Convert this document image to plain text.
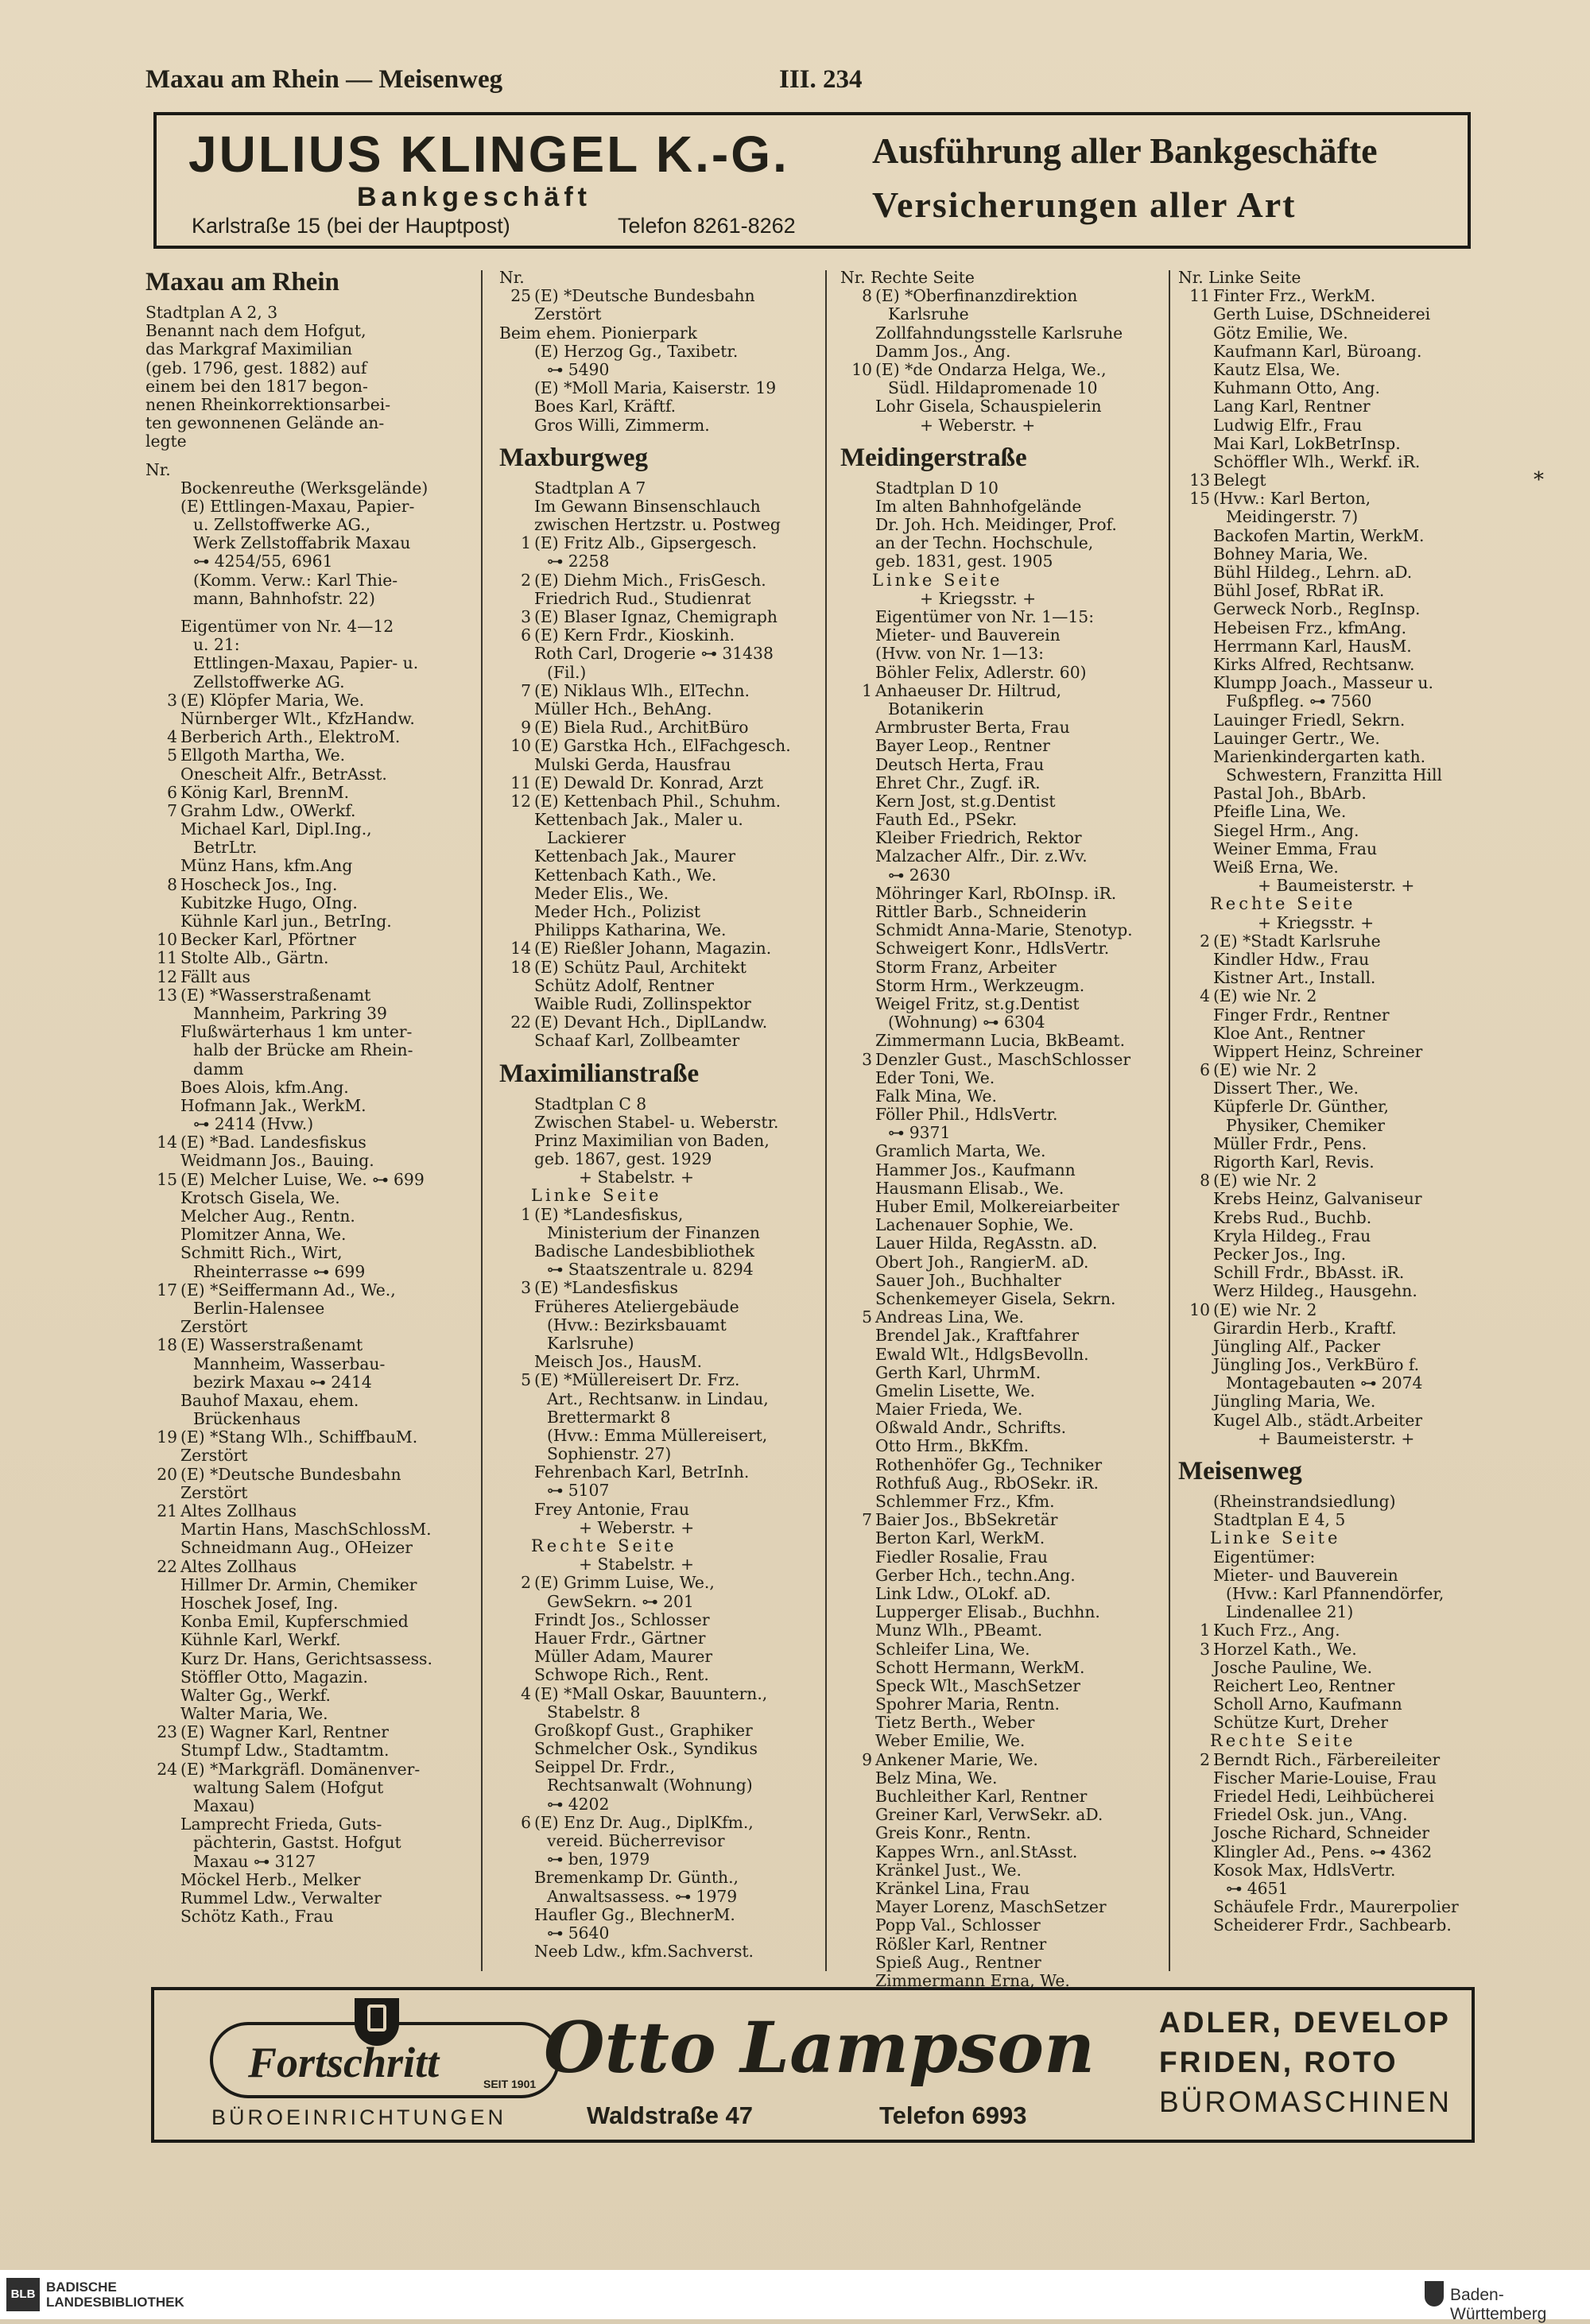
Maxau am Rhein — Meisenweg	III. 234
JULIUS KLINGEL K.-G.
Bankgeschäft
Karlstraße 15 (bei der Hauptpost)	Telefon 8261-8262
Ausführung aller Bankgeschäfte
Versicherungen aller Art
Maxau am Rhein
Stadtplan A 2, 3
Benannt nach dem Hofgut,
das Markgraf Maximilian
(geb. 1796, gest. 1882) auf
einem bei den 1817 begon-
nenen Rheinkorrektionsarbei-
ten gewonnenen Gelände an-
legte
Nr.
Bockenreuthe (Werksgelände)
(E) Ettlingen-Maxau, Papier-
u. Zellstoffwerke AG.,
Werk Zellstoffabrik Maxau
⊶ 4254/55, 6961
(Komm. Verw.: Karl Thie-
mann, Bahnhofstr. 22)
Eigentümer von Nr. 4—12
u. 21:
Ettlingen-Maxau, Papier- u.
Zellstoffwerke AG.
3 (E) Klöpfer Maria, We.
Nürnberger Wlt., KfzHandw.
4 Berberich Arth., ElektroM.
5 Ellgoth Martha, We.
Onescheit Alfr., BetrAsst.
6 König Karl, BrennM.
7 Grahm Ldw., OWerkf.
Michael Karl, Dipl.Ing.,
BetrLtr.
Münz Hans, kfm.Ang
8 Hoscheck Jos., Ing.
Kubitzke Hugo, OIng.
Kühnle Karl jun., BetrIng.
10 Becker Karl, Pförtner
11 Stolte Alb., Gärtn.
12 Fällt aus
13 (E) *Wasserstraßenamt
Mannheim, Parkring 39
Flußwärterhaus 1 km unter-
halb der Brücke am Rhein-
damm
Boes Alois, kfm.Ang.
Hofmann Jak., WerkM.
⊶ 2414 (Hvw.)
14 (E) *Bad. Landesfiskus
Weidmann Jos., Bauing.
15 (E) Melcher Luise, We. ⊶ 699
Krotsch Gisela, We.
Melcher Aug., Rentn.
Plomitzer Anna, We.
Schmitt Rich., Wirt,
Rheinterrasse ⊶ 699
17 (E) *Seiffermann Ad., We.,
Berlin-Halensee
Zerstört
18 (E) Wasserstraßenamt
Mannheim, Wasserbau-
bezirk Maxau ⊶ 2414
Bauhof Maxau, ehem.
Brückenhaus
19 (E) *Stang Wlh., SchiffbauM.
Zerstört
20 (E) *Deutsche Bundesbahn
Zerstört
21 Altes Zollhaus
Martin Hans, MaschSchlossM.
Schneidmann Aug., OHeizer
22 Altes Zollhaus
Hillmer Dr. Armin, Chemiker
Hoschek Josef, Ing.
Konba Emil, Kupferschmied
Kühnle Karl, Werkf.
Kurz Dr. Hans, Gerichtsassess.
Stöffler Otto, Magazin.
Walter Gg., Werkf.
Walter Maria, We.
23 (E) Wagner Karl, Rentner
Stumpf Ldw., Stadtamtm.
24 (E) *Markgräfl. Domänenver-
waltung Salem (Hofgut
Maxau)
Lamprecht Frieda, Guts-
pächterin, Gastst. Hofgut
Maxau ⊶ 3127
Möckel Herb., Melker
Rummel Ldw., Verwalter
Schötz Kath., Frau
Nr.
25 (E) *Deutsche Bundesbahn
Zerstört
Beim ehem. Pionierpark
(E) Herzog Gg., Taxibetr.
⊶ 5490
(E) *Moll Maria, Kaiserstr. 19
Boes Karl, Kräftf.
Gros Willi, Zimmerm.
Maxburgweg
Stadtplan A 7
Im Gewann Binsenschlauch
zwischen Hertzstr. u. Postweg
1 (E) Fritz Alb., Gipsergesch.
⊶ 2258
2 (E) Diehm Mich., FrisGesch.
Friedrich Rud., Studienrat
3 (E) Blaser Ignaz, Chemigraph
6 (E) Kern Frdr., Kioskinh.
Roth Carl, Drogerie ⊶ 31438
(Fil.)
7 (E) Niklaus Wlh., ElTechn.
Müller Hch., BehAng.
9 (E) Biela Rud., ArchitBüro
10 (E) Garstka Hch., ElFachgesch.
Mulski Gerda, Hausfrau
11 (E) Dewald Dr. Konrad, Arzt
12 (E) Kettenbach Phil., Schuhm.
Kettenbach Jak., Maler u.
Lackierer
Kettenbach Jak., Maurer
Kettenbach Kath., We.
Meder Elis., We.
Meder Hch., Polizist
Philipps Katharina, We.
14 (E) Rießler Johann, Magazin.
18 (E) Schütz Paul, Architekt
Schütz Adolf, Rentner
Waible Rudi, Zollinspektor
22 (E) Devant Hch., DiplLandw.
Schaaf Karl, Zollbeamter
Maximilianstraße
Stadtplan C 8
Zwischen Stabel- u. Weberstr.
Prinz Maximilian von Baden,
geb. 1867, gest. 1929
+ Stabelstr. +
Linke Seite
1 (E) *Landesfiskus,
Ministerium der Finanzen
Badische Landesbibliothek
⊶ Staatszentrale u. 8294
3 (E) *Landesfiskus
Früheres Ateliergebäude
(Hvw.: Bezirksbauamt
Karlsruhe)
Meisch Jos., HausM.
5 (E) *Müllereisert Dr. Frz.
Art., Rechtsanw. in Lindau,
Brettermarkt 8
(Hvw.: Emma Müllereisert,
Sophienstr. 27)
Fehrenbach Karl, BetrInh.
⊶ 5107
Frey Antonie, Frau
+ Weberstr. +
Rechte Seite
+ Stabelstr. +
2 (E) Grimm Luise, We.,
GewSekrn. ⊶ 201
Frindt Jos., Schlosser
Hauer Frdr., Gärtner
Müller Adam, Maurer
Schwope Rich., Rent.
4 (E) *Mall Oskar, Bauuntern.,
Stabelstr. 8
Großkopf Gust., Graphiker
Schmelcher Osk., Syndikus
Seippel Dr. Frdr.,
Rechtsanwalt (Wohnung)
⊶ 4202
6 (E) Enz Dr. Aug., DiplKfm.,
vereid. Bücherrevisor
⊶ ben, 1979
Bremenkamp Dr. Günth.,
Anwaltsassess. ⊶ 1979
Haufler Gg., BlechnerM.
⊶ 5640
Neeb Ldw., kfm.Sachverst.
Nr. Rechte Seite
8 (E) *Oberfinanzdirektion
Karlsruhe
Zollfahndungsstelle Karlsruhe
Damm Jos., Ang.
10 (E) *de Ondarza Helga, We.,
Südl. Hildapromenade 10
Lohr Gisela, Schauspielerin
+ Weberstr. +
Meidingerstraße
Stadtplan D 10
Im alten Bahnhofgelände
Dr. Joh. Hch. Meidinger, Prof.
an der Techn. Hochschule,
geb. 1831, gest. 1905
Linke Seite
+ Kriegsstr. +
Eigentümer von Nr. 1—15:
Mieter- und Bauverein
(Hvw. von Nr. 1—13:
Böhler Felix, Adlerstr. 60)
1 Anhaeuser Dr. Hiltrud,
Botanikerin
Armbruster Berta, Frau
Bayer Leop., Rentner
Deutsch Herta, Frau
Ehret Chr., Zugf. iR.
Kern Jost, st.g.Dentist
Fauth Ed., PSekr.
Kleiber Friedrich, Rektor
Malzacher Alfr., Dir. z.Wv.
⊶ 2630
Möhringer Karl, RbOInsp. iR.
Rittler Barb., Schneiderin
Schmidt Anna-Marie, Stenotyp.
Schweigert Konr., HdlsVertr.
Storm Franz, Arbeiter
Storm Hrm., Werkzeugm.
Weigel Fritz, st.g.Dentist
(Wohnung) ⊶ 6304
Zimmermann Lucia, BkBeamt.
3 Denzler Gust., MaschSchlosser
Eder Toni, We.
Falk Mina, We.
Föller Phil., HdlsVertr.
⊶ 9371
Gramlich Marta, We.
Hammer Jos., Kaufmann
Hausmann Elisab., We.
Huber Emil, Molkereiarbeiter
Lachenauer Sophie, We.
Lauer Hilda, RegAsstn. aD.
Obert Joh., RangierM. aD.
Sauer Joh., Buchhalter
Schenkemeyer Gisela, Sekrn.
5 Andreas Lina, We.
Brendel Jak., Kraftfahrer
Ewald Wlt., HdlgsBevolln.
Gerth Karl, UhrmM.
Gmelin Lisette, We.
Maier Frieda, We.
Oßwald Andr., Schrifts.
Otto Hrm., BkKfm.
Rothenhöfer Gg., Techniker
Rothfuß Aug., RbOSekr. iR.
Schlemmer Frz., Kfm.
7 Baier Jos., BbSekretär
Berton Karl, WerkM.
Fiedler Rosalie, Frau
Gerber Hch., techn.Ang.
Link Ldw., OLokf. aD.
Lupperger Elisab., Buchhn.
Munz Wlh., PBeamt.
Schleifer Lina, We.
Schott Hermann, WerkM.
Speck Wlt., MaschSetzer
Spohrer Maria, Rentn.
Tietz Berth., Weber
Weber Emilie, We.
9 Ankener Marie, We.
Belz Mina, We.
Buchleither Karl, Rentner
Greiner Karl, VerwSekr. aD.
Greis Konr., Rentn.
Kappes Wrn., anl.StAsst.
Kränkel Just., We.
Kränkel Lina, Frau
Mayer Lorenz, MaschSetzer
Popp Val., Schlosser
Rößler Karl, Rentner
Spieß Aug., Rentner
Zimmermann Erna, We.
Nr. Linke Seite
11 Finter Frz., WerkM.
Gerth Luise, DSchneiderei
Götz Emilie, We.
Kaufmann Karl, Büroang.
Kautz Elsa, We.
Kuhmann Otto, Ang.
Lang Karl, Rentner
Ludwig Elfr., Frau
Mai Karl, LokBetrInsp.
Schöffler Wlh., Werkf. iR.
13 Belegt	*
15 (Hvw.: Karl Berton,
Meidingerstr. 7)
Backofen Martin, WerkM.
Bohney Maria, We.
Bühl Hildeg., Lehrn. aD.
Bühl Josef, RbRat iR.
Gerweck Norb., RegInsp.
Hebeisen Frz., kfmAng.
Herrmann Karl, HausM.
Kirks Alfred, Rechtsanw.
Klumpp Joach., Masseur u.
Fußpfleg. ⊶ 7560
Lauinger Friedl, Sekrn.
Lauinger Gertr., We.
Marienkindergarten kath.
Schwestern, Franzitta Hill
Pastal Joh., BbArb.
Pfeifle Lina, We.
Siegel Hrm., Ang.
Weiner Emma, Frau
Weiß Erna, We.
+ Baumeisterstr. +
Rechte Seite
+ Kriegsstr. +
2 (E) *Stadt Karlsruhe
Kindler Hdw., Frau
Kistner Art., Install.
4 (E) wie Nr. 2
Finger Frdr., Rentner
Kloe Ant., Rentner
Wippert Heinz, Schreiner
6 (E) wie Nr. 2
Dissert Ther., We.
Küpferle Dr. Günther,
Physiker, Chemiker
Müller Frdr., Pens.
Rigorth Karl, Revis.
8 (E) wie Nr. 2
Krebs Heinz, Galvaniseur
Krebs Rud., Buchb.
Kryla Hildeg., Frau
Pecker Jos., Ing.
Schill Frdr., BbAsst. iR.
Werz Hildeg., Hausgehn.
10 (E) wie Nr. 2
Girardin Herb., Kraftf.
Jüngling Alf., Packer
Jüngling Jos., VerkBüro f.
Montagebauten ⊶ 2074
Jüngling Maria, We.
Kugel Alb., städt.Arbeiter
+ Baumeisterstr. +
Meisenweg
(Rheinstrandsiedlung)
Stadtplan E 4, 5
Linke Seite
Eigentümer:
Mieter- und Bauverein
(Hvw.: Karl Pfannendörfer,
Lindenallee 21)
1 Kuch Frz., Ang.
3 Horzel Kath., We.
Josche Pauline, We.
Reichert Leo, Rentner
Scholl Arno, Kaufmann
Schütze Kurt, Dreher
Rechte Seite
2 Berndt Rich., Färbereileiter
Fischer Marie-Louise, Frau
Friedel Hedi, Leihbücherei
Friedel Osk. jun., VAng.
Josche Richard, Schneider
Klingler Ad., Pens. ⊶ 4362
Kosok Max, HdlsVertr.
⊶ 4651
Schäufele Frdr., Maurerpolier
Scheiderer Frdr., Sachbearb.
Fortschritt	SEIT 1901
BÜROEINRICHTUNGEN
Otto Lampson
Waldstraße 47	Telefon 6993
ADLER, DEVELOP
FRIDEN, ROTO
BÜROMASCHINEN
BLB BADISCHE
LANDESBIBLIOTHEK	Baden-Württemberg
